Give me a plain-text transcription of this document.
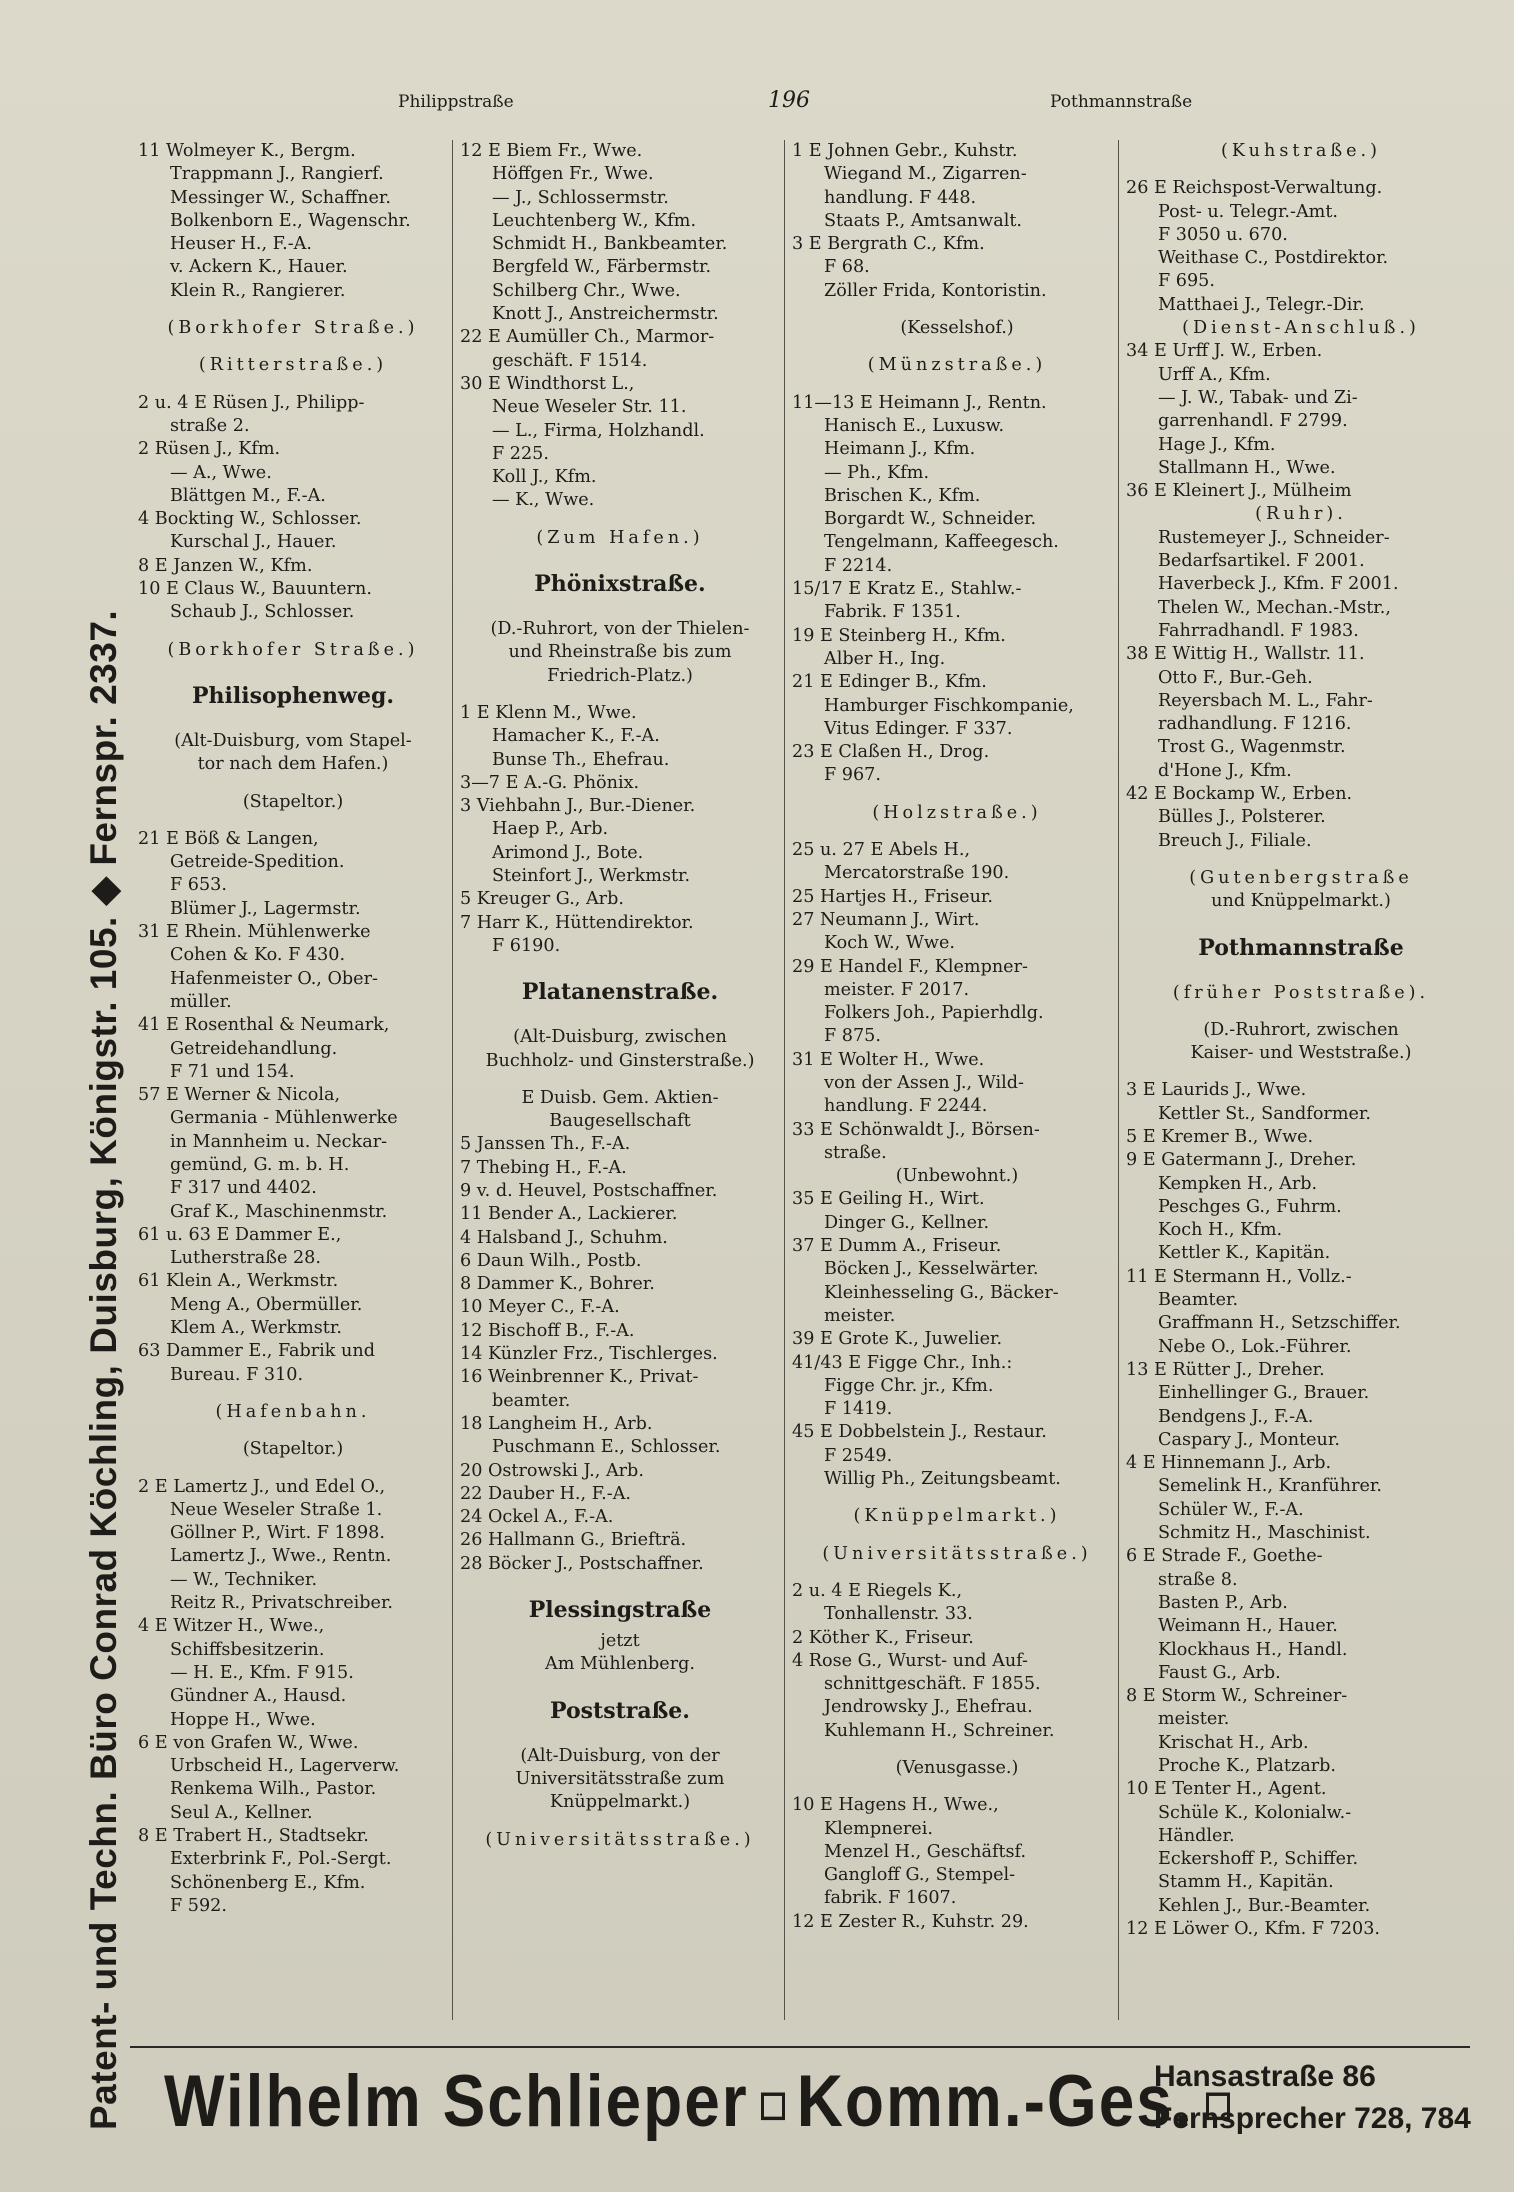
Patent- und Techn. Büro Conrad Köchling, Duisburg, Königstr. 105. ◆ Fernspr. 2337.
Philippstraße	196	Pothmannstraße
11 Wolmeyer K., Bergm.
Trappmann J., Rangierf.
Messinger W., Schaffner.
Bolkenborn E., Wagenschr.
Heuser H., F.-A.
v. Ackern K., Hauer.
Klein R., Rangierer.
(Borkhofer Straße.)
(Ritterstraße.)
2 u. 4 E Rüsen J., Philipp-
straße 2.
2 Rüsen J., Kfm.
— A., Wwe.
Blättgen M., F.-A.
4 Bockting W., Schlosser.
Kurschal J., Hauer.
8 E Janzen W., Kfm.
10 E Claus W., Bauuntern.
Schaub J., Schlosser.
(Borkhofer Straße.)
Philisophenweg.
(Alt-Duisburg, vom Stapel-
tor nach dem Hafen.)
(Stapeltor.)
21 E Böß & Langen,
Getreide-Spedition.
F 653.
Blümer J., Lagermstr.
31 E Rhein. Mühlenwerke
Cohen & Ko. F 430.
Hafenmeister O., Ober-
müller.
41 E Rosenthal & Neumark,
Getreidehandlung.
F 71 und 154.
57 E Werner & Nicola,
Germania - Mühlenwerke
in Mannheim u. Neckar-
gemünd, G. m. b. H.
F 317 und 4402.
Graf K., Maschinenmstr.
61 u. 63 E Dammer E.,
Lutherstraße 28.
61 Klein A., Werkmstr.
Meng A., Obermüller.
Klem A., Werkmstr.
63 Dammer E., Fabrik und
Bureau. F 310.
(Hafenbahn.
(Stapeltor.)
2 E Lamertz J., und Edel O.,
Neue Weseler Straße 1.
Göllner P., Wirt. F 1898.
Lamertz J., Wwe., Rentn.
— W., Techniker.
Reitz R., Privatschreiber.
4 E Witzer H., Wwe.,
Schiffsbesitzerin.
— H. E., Kfm. F 915.
Gündner A., Hausd.
Hoppe H., Wwe.
6 E von Grafen W., Wwe.
Urbscheid H., Lagerverw.
Renkema Wilh., Pastor.
Seul A., Kellner.
8 E Trabert H., Stadtsekr.
Exterbrink F., Pol.-Sergt.
Schönenberg E., Kfm.
F 592.
12 E Biem Fr., Wwe.
Höffgen Fr., Wwe.
— J., Schlossermstr.
Leuchtenberg W., Kfm.
Schmidt H., Bankbeamter.
Bergfeld W., Färbermstr.
Schilberg Chr., Wwe.
Knott J., Anstreichermstr.
22 E Aumüller Ch., Marmor-
geschäft. F 1514.
30 E Windthorst L.,
Neue Weseler Str. 11.
— L., Firma, Holzhandl.
F 225.
Koll J., Kfm.
— K., Wwe.
(Zum Hafen.)
Phönixstraße.
(D.-Ruhrort, von der Thielen-
und Rheinstraße bis zum
Friedrich-Platz.)
1 E Klenn M., Wwe.
Hamacher K., F.-A.
Bunse Th., Ehefrau.
3—7 E A.-G. Phönix.
3 Viehbahn J., Bur.-Diener.
Haep P., Arb.
Arimond J., Bote.
Steinfort J., Werkmstr.
5 Kreuger G., Arb.
7 Harr K., Hüttendirektor.
F 6190.
Platanenstraße.
(Alt-Duisburg, zwischen
Buchholz- und Ginsterstraße.)
E Duisb. Gem. Aktien-
Baugesellschaft
5 Janssen Th., F.-A.
7 Thebing H., F.-A.
9 v. d. Heuvel, Postschaffner.
11 Bender A., Lackierer.
4 Halsband J., Schuhm.
6 Daun Wilh., Postb.
8 Dammer K., Bohrer.
10 Meyer C., F.-A.
12 Bischoff B., F.-A.
14 Künzler Frz., Tischlerges.
16 Weinbrenner K., Privat-
beamter.
18 Langheim H., Arb.
Puschmann E., Schlosser.
20 Ostrowski J., Arb.
22 Dauber H., F.-A.
24 Ockel A., F.-A.
26 Hallmann G., Briefträ.
28 Böcker J., Postschaffner.
Plessingstraße
jetzt
Am Mühlenberg.
Poststraße.
(Alt-Duisburg, von der
Universitätsstraße zum
Knüppelmarkt.)
(Universitätsstraße.)
1 E Johnen Gebr., Kuhstr.
Wiegand M., Zigarren-
handlung. F 448.
Staats P., Amtsanwalt.
3 E Bergrath C., Kfm.
F 68.
Zöller Frida, Kontoristin.
(Kesselshof.)
(Münzstraße.)
11—13 E Heimann J., Rentn.
Hanisch E., Luxusw.
Heimann J., Kfm.
— Ph., Kfm.
Brischen K., Kfm.
Borgardt W., Schneider.
Tengelmann, Kaffeegesch.
F 2214.
15/17 E Kratz E., Stahlw.-
Fabrik. F 1351.
19 E Steinberg H., Kfm.
Alber H., Ing.
21 E Edinger B., Kfm.
Hamburger Fischkompanie,
Vitus Edinger. F 337.
23 E Claßen H., Drog.
F 967.
(Holzstraße.)
25 u. 27 E Abels H.,
Mercatorstraße 190.
25 Hartjes H., Friseur.
27 Neumann J., Wirt.
Koch W., Wwe.
29 E Handel F., Klempner-
meister. F 2017.
Folkers Joh., Papierhdlg.
F 875.
31 E Wolter H., Wwe.
von der Assen J., Wild-
handlung. F 2244.
33 E Schönwaldt J., Börsen-
straße.
(Unbewohnt.)
35 E Geiling H., Wirt.
Dinger G., Kellner.
37 E Dumm A., Friseur.
Böcken J., Kesselwärter.
Kleinhesseling G., Bäcker-
meister.
39 E Grote K., Juwelier.
41/43 E Figge Chr., Inh.:
Figge Chr. jr., Kfm.
F 1419.
45 E Dobbelstein J., Restaur.
F 2549.
Willig Ph., Zeitungsbeamt.
(Knüppelmarkt.)
(Universitätsstraße.)
2 u. 4 E Riegels K.,
Tonhallenstr. 33.
2 Köther K., Friseur.
4 Rose G., Wurst- und Auf-
schnittgeschäft. F 1855.
Jendrowsky J., Ehefrau.
Kuhlemann H., Schreiner.
(Venusgasse.)
10 E Hagens H., Wwe.,
Klempnerei.
Menzel H., Geschäftsf.
Gangloff G., Stempel-
fabrik. F 1607.
12 E Zester R., Kuhstr. 29.
(Kuhstraße.)
26 E Reichspost-Verwaltung.
Post- u. Telegr.-Amt.
F 3050 u. 670.
Weithase C., Postdirektor.
F 695.
Matthaei J., Telegr.-Dir.
(Dienst-Anschluß.)
34 E Urff J. W., Erben.
Urff A., Kfm.
— J. W., Tabak- und Zi-
garrenhandl. F 2799.
Hage J., Kfm.
Stallmann H., Wwe.
36 E Kleinert J., Mülheim
(Ruhr).
Rustemeyer J., Schneider-
Bedarfsartikel. F 2001.
Haverbeck J., Kfm. F 2001.
Thelen W., Mechan.-Mstr.,
Fahrradhandl. F 1983.
38 E Wittig H., Wallstr. 11.
Otto F., Bur.-Geh.
Reyersbach M. L., Fahr-
radhandlung. F 1216.
Trost G., Wagenmstr.
d'Hone J., Kfm.
42 E Bockamp W., Erben.
Bülles J., Polsterer.
Breuch J., Filiale.
(Gutenbergstraße
und Knüppelmarkt.)
Pothmannstraße
(früher Poststraße).
(D.-Ruhrort, zwischen
Kaiser- und Weststraße.)
3 E Laurids J., Wwe.
Kettler St., Sandformer.
5 E Kremer B., Wwe.
9 E Gatermann J., Dreher.
Kempken H., Arb.
Peschges G., Fuhrm.
Koch H., Kfm.
Kettler K., Kapitän.
11 E Stermann H., Vollz.-
Beamter.
Graffmann H., Setzschiffer.
Nebe O., Lok.-Führer.
13 E Rütter J., Dreher.
Einhellinger G., Brauer.
Bendgens J., F.-A.
Caspary J., Monteur.
4 E Hinnemann J., Arb.
Semelink H., Kranführer.
Schüler W., F.-A.
Schmitz H., Maschinist.
6 E Strade F., Goethe-
straße 8.
Basten P., Arb.
Weimann H., Hauer.
Klockhaus H., Handl.
Faust G., Arb.
8 E Storm W., Schreiner-
meister.
Krischat H., Arb.
Proche K., Platzarb.
10 E Tenter H., Agent.
Schüle K., Kolonialw.-
Händler.
Eckershoff P., Schiffer.
Stamm H., Kapitän.
Kehlen J., Bur.-Beamter.
12 E Löwer O., Kfm. F 7203.
Wilhelm Schlieper Komm.-Ges.
Hansastraße 86
Fernsprecher 728, 784
